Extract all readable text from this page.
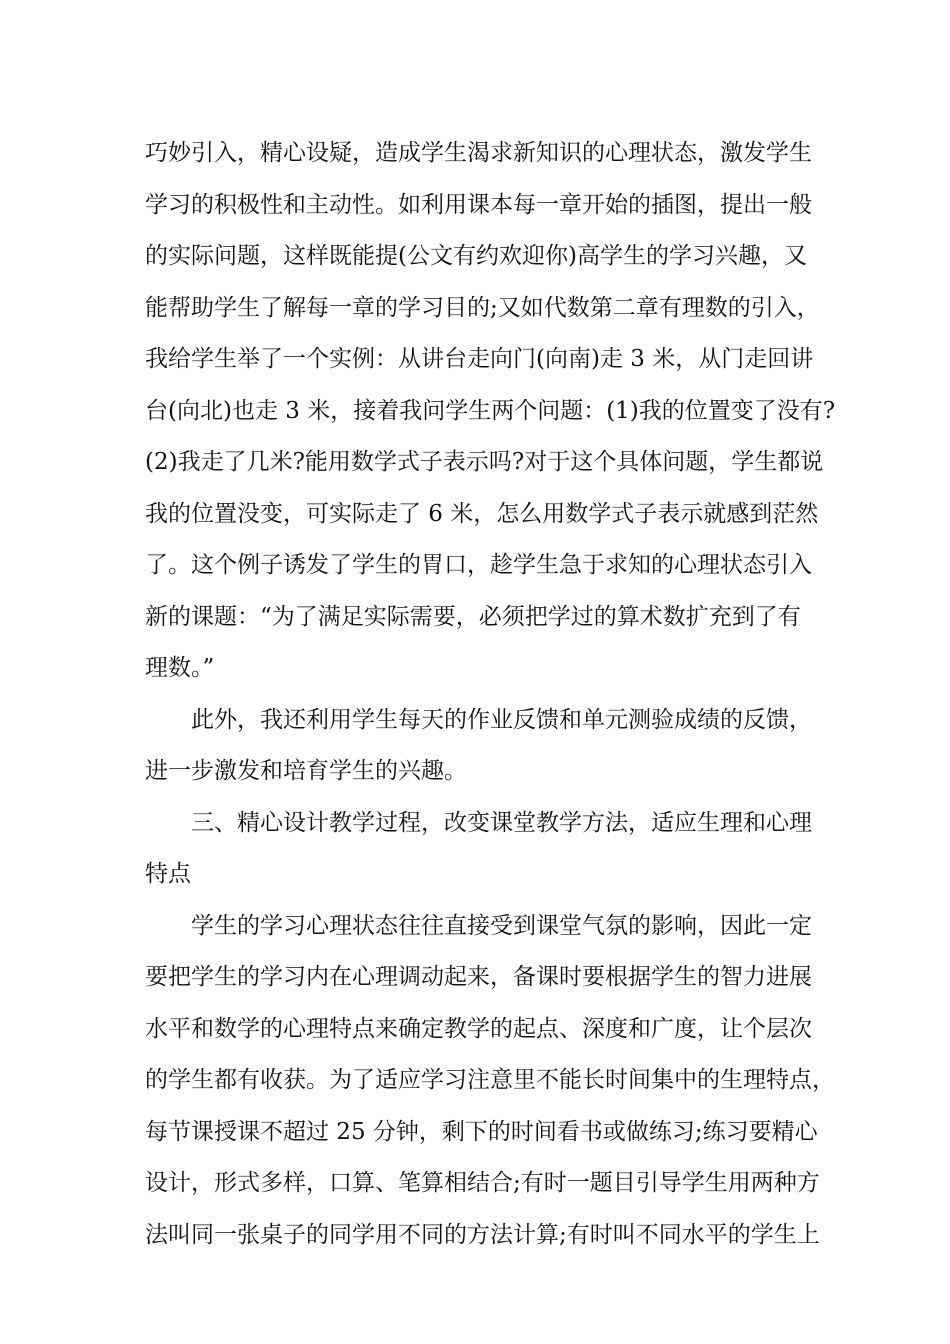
巧妙引入，精心设疑，造成学生渴求新知识的心理状态，激发学生
学习的积极性和主动性。如利用课本每一章开始的插图，提出一般
的实际问题，这样既能提(公文有约欢迎你)高学生的学习兴趣，又
能帮助学生了解每一章的学习目的;又如代数第二章有理数的引入，
我给学生举了一个实例：从讲台走向门(向南)走 3 米，从门走回讲
台(向北)也走 3 米，接着我问学生两个问题：(1)我的位置变了没有?
(2)我走了几米?能用数学式子表示吗?对于这个具体问题，学生都说
我的位置没变，可实际走了 6 米，怎么用数学式子表示就感到茫然
了。这个例子诱发了学生的胃口，趁学生急于求知的心理状态引入
新的课题：“为了满足实际需要，必须把学过的算术数扩充到了有
理数。”
此外，我还利用学生每天的作业反馈和单元测验成绩的反馈，
进一步激发和培育学生的兴趣。
三、精心设计教学过程，改变课堂教学方法，适应生理和心理
特点
学生的学习心理状态往往直接受到课堂气氛的影响，因此一定
要把学生的学习内在心理调动起来，备课时要根据学生的智力进展
水平和数学的心理特点来确定教学的起点、深度和广度，让个层次
的学生都有收获。为了适应学习注意里不能长时间集中的生理特点，
每节课授课不超过 25 分钟，剩下的时间看书或做练习;练习要精心
设计，形式多样，口算、笔算相结合;有时一题目引导学生用两种方
法叫同一张桌子的同学用不同的方法计算;有时叫不同水平的学生上
